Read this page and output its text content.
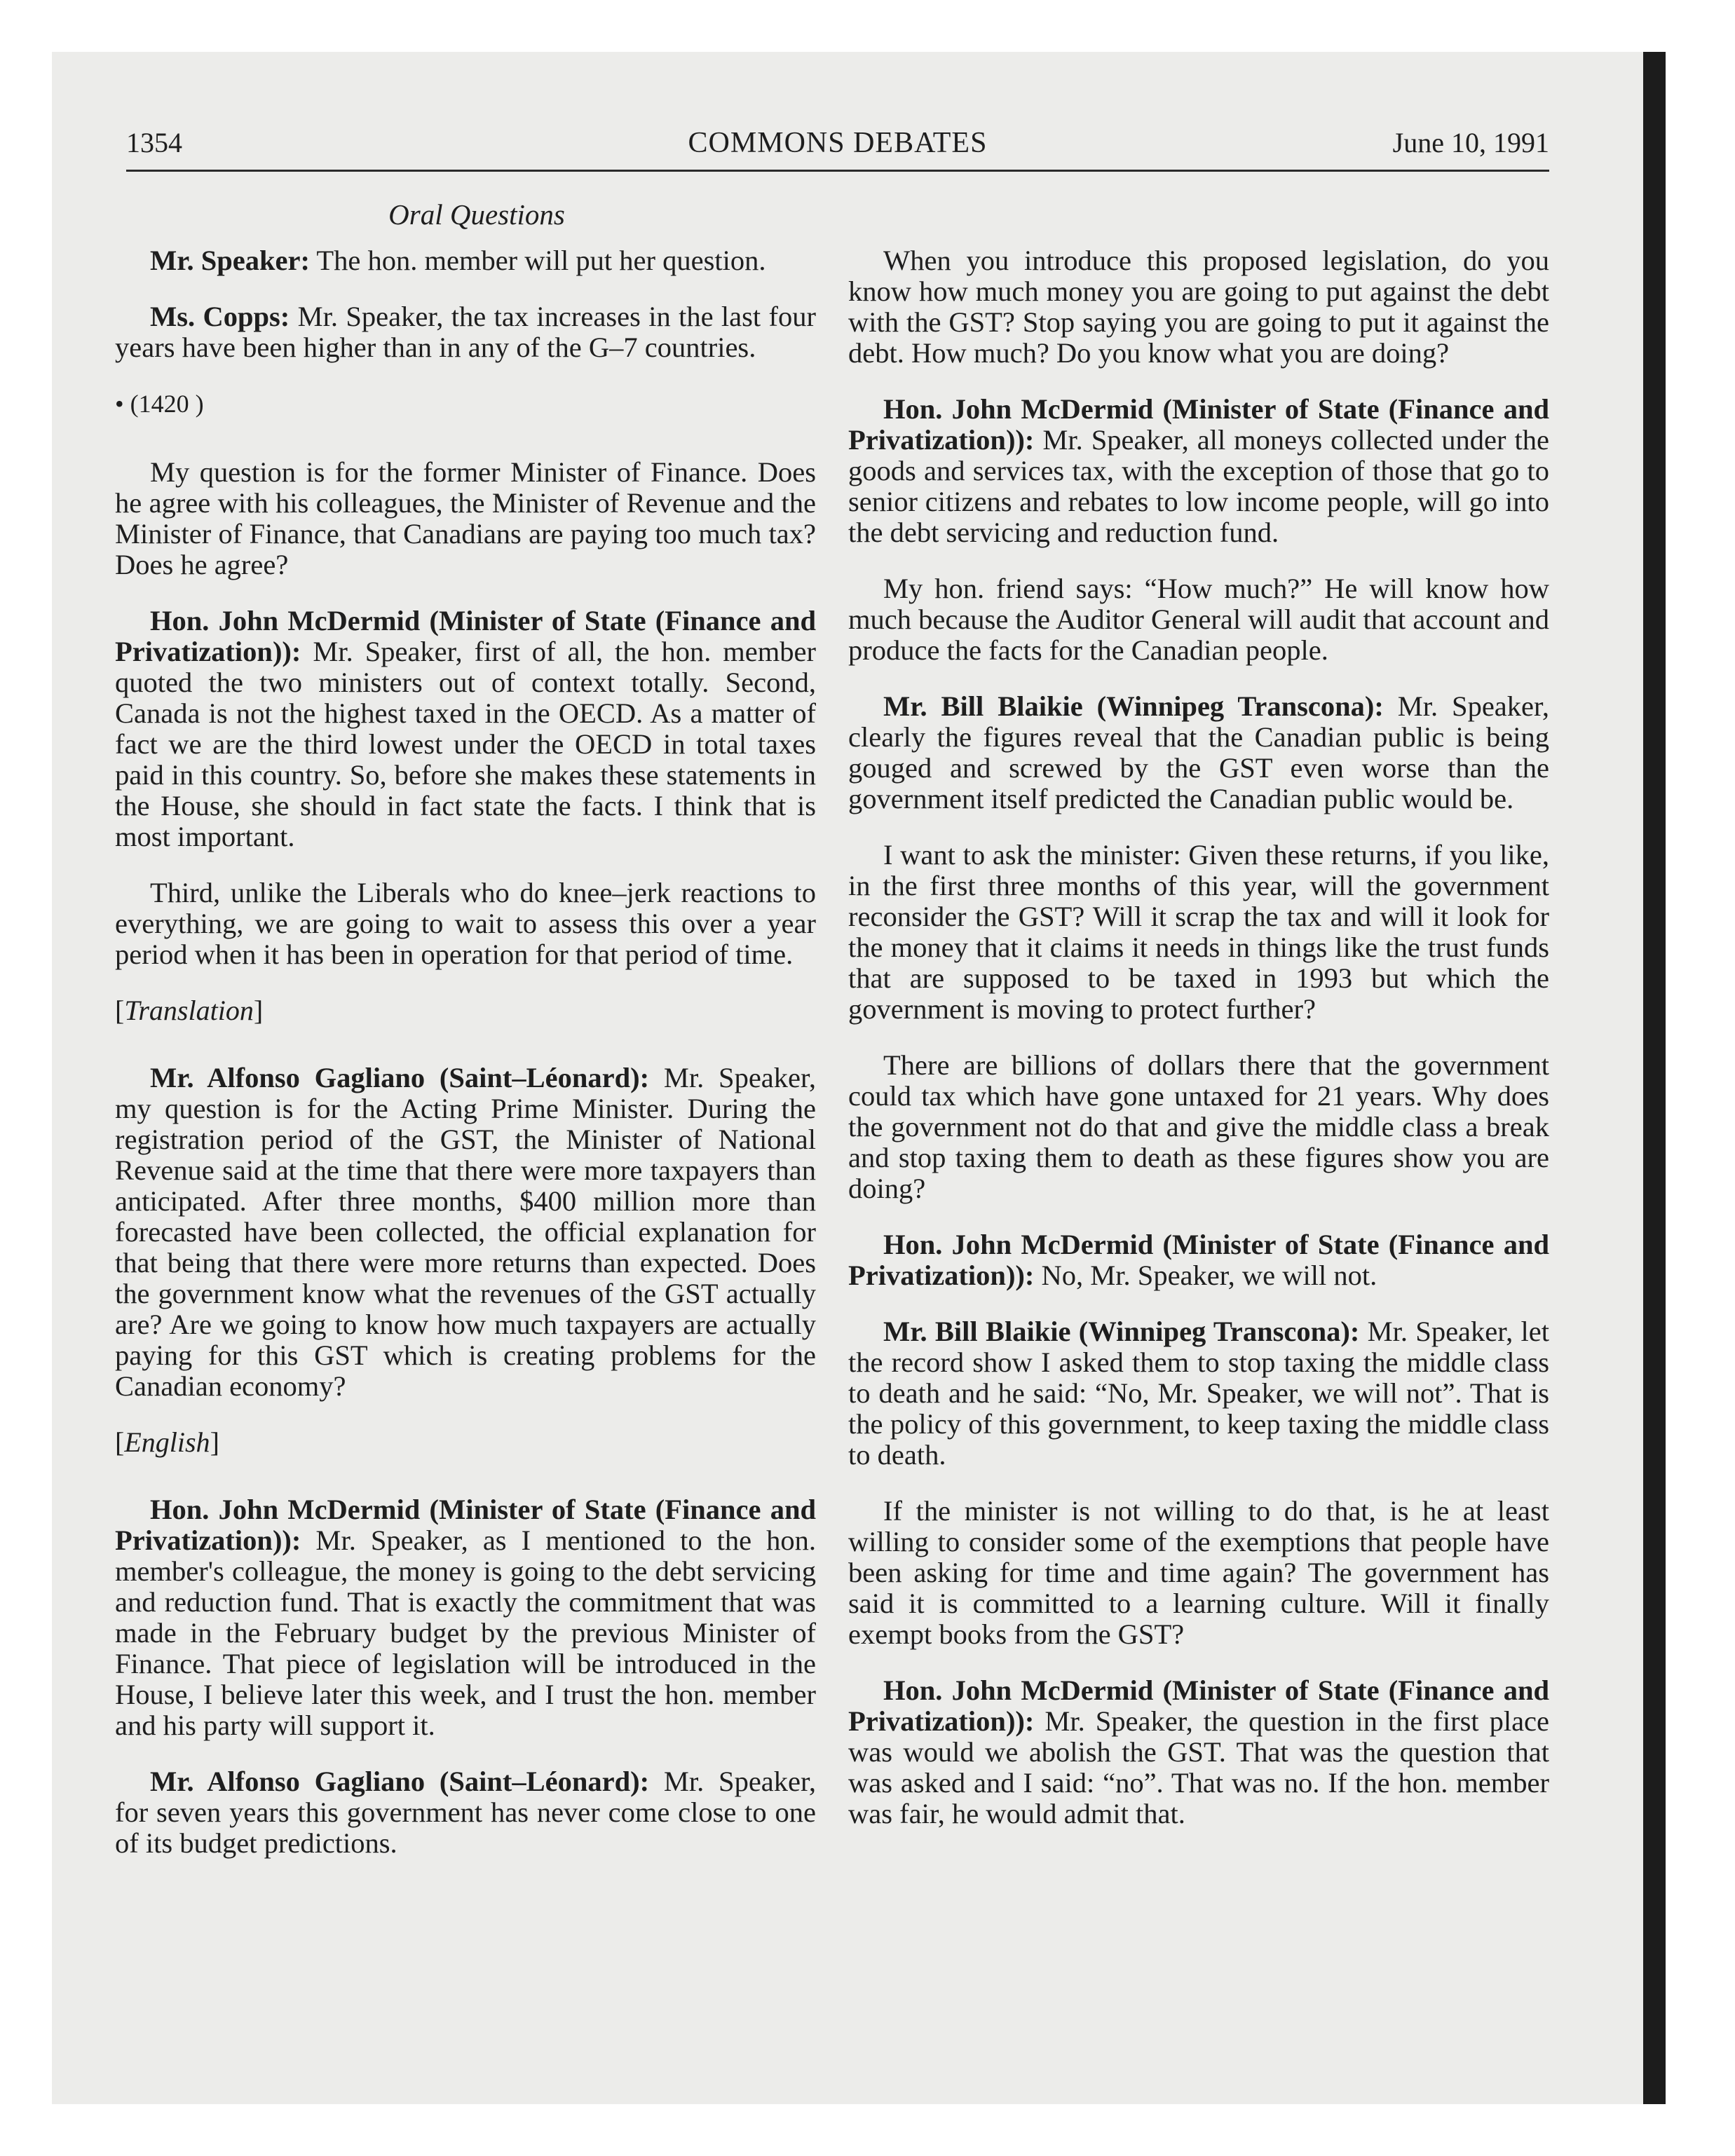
1354	COMMONS DEBATES	June 10, 1991
Oral Questions

Mr. Speaker: The hon. member will put her question.

Ms. Copps: Mr. Speaker, the tax increases in the last four years have been higher than in any of the G–7 countries.

• (1420 )

My question is for the former Minister of Finance. Does he agree with his colleagues, the Minister of Revenue and the Minister of Finance, that Canadians are paying too much tax? Does he agree?

Hon. John McDermid (Minister of State (Finance and Privatization)): Mr. Speaker, first of all, the hon. member quoted the two ministers out of context totally. Second, Canada is not the highest taxed in the OECD. As a matter of fact we are the third lowest under the OECD in total taxes paid in this country. So, before she makes these statements in the House, she should in fact state the facts. I think that is most important.

Third, unlike the Liberals who do knee–jerk reactions to everything, we are going to wait to assess this over a year period when it has been in operation for that period of time.

[Translation]

Mr. Alfonso Gagliano (Saint–Léonard): Mr. Speaker, my question is for the Acting Prime Minister. During the registration period of the GST, the Minister of National Revenue said at the time that there were more taxpayers than anticipated. After three months, $400 million more than forecasted have been collected, the official explanation for that being that there were more returns than expected. Does the government know what the revenues of the GST actually are? Are we going to know how much taxpayers are actually paying for this GST which is creating problems for the Canadian economy?

[English]

Hon. John McDermid (Minister of State (Finance and Privatization)): Mr. Speaker, as I mentioned to the hon. member's colleague, the money is going to the debt servicing and reduction fund. That is exactly the commitment that was made in the February budget by the previous Minister of Finance. That piece of legislation will be introduced in the House, I believe later this week, and I trust the hon. member and his party will support it.

Mr. Alfonso Gagliano (Saint–Léonard): Mr. Speaker, for seven years this government has never come close to one of its budget predictions.

When you introduce this proposed legislation, do you know how much money you are going to put against the debt with the GST? Stop saying you are going to put it against the debt. How much? Do you know what you are doing?

Hon. John McDermid (Minister of State (Finance and Privatization)): Mr. Speaker, all moneys collected under the goods and services tax, with the exception of those that go to senior citizens and rebates to low income people, will go into the debt servicing and reduction fund.

My hon. friend says: “How much?” He will know how much because the Auditor General will audit that account and produce the facts for the Canadian people.

Mr. Bill Blaikie (Winnipeg Transcona): Mr. Speaker, clearly the figures reveal that the Canadian public is being gouged and screwed by the GST even worse than the government itself predicted the Canadian public would be.

I want to ask the minister: Given these returns, if you like, in the first three months of this year, will the government reconsider the GST? Will it scrap the tax and will it look for the money that it claims it needs in things like the trust funds that are supposed to be taxed in 1993 but which the government is moving to protect further?

There are billions of dollars there that the government could tax which have gone untaxed for 21 years. Why does the government not do that and give the middle class a break and stop taxing them to death as these figures show you are doing?

Hon. John McDermid (Minister of State (Finance and Privatization)): No, Mr. Speaker, we will not.

Mr. Bill Blaikie (Winnipeg Transcona): Mr. Speaker, let the record show I asked them to stop taxing the middle class to death and he said: “No, Mr. Speaker, we will not”. That is the policy of this government, to keep taxing the middle class to death.

If the minister is not willing to do that, is he at least willing to consider some of the exemptions that people have been asking for time and time again? The government has said it is committed to a learning culture. Will it finally exempt books from the GST?

Hon. John McDermid (Minister of State (Finance and Privatization)): Mr. Speaker, the question in the first place was would we abolish the GST. That was the question that was asked and I said: “no”. That was no. If the hon. member was fair, he would admit that.
